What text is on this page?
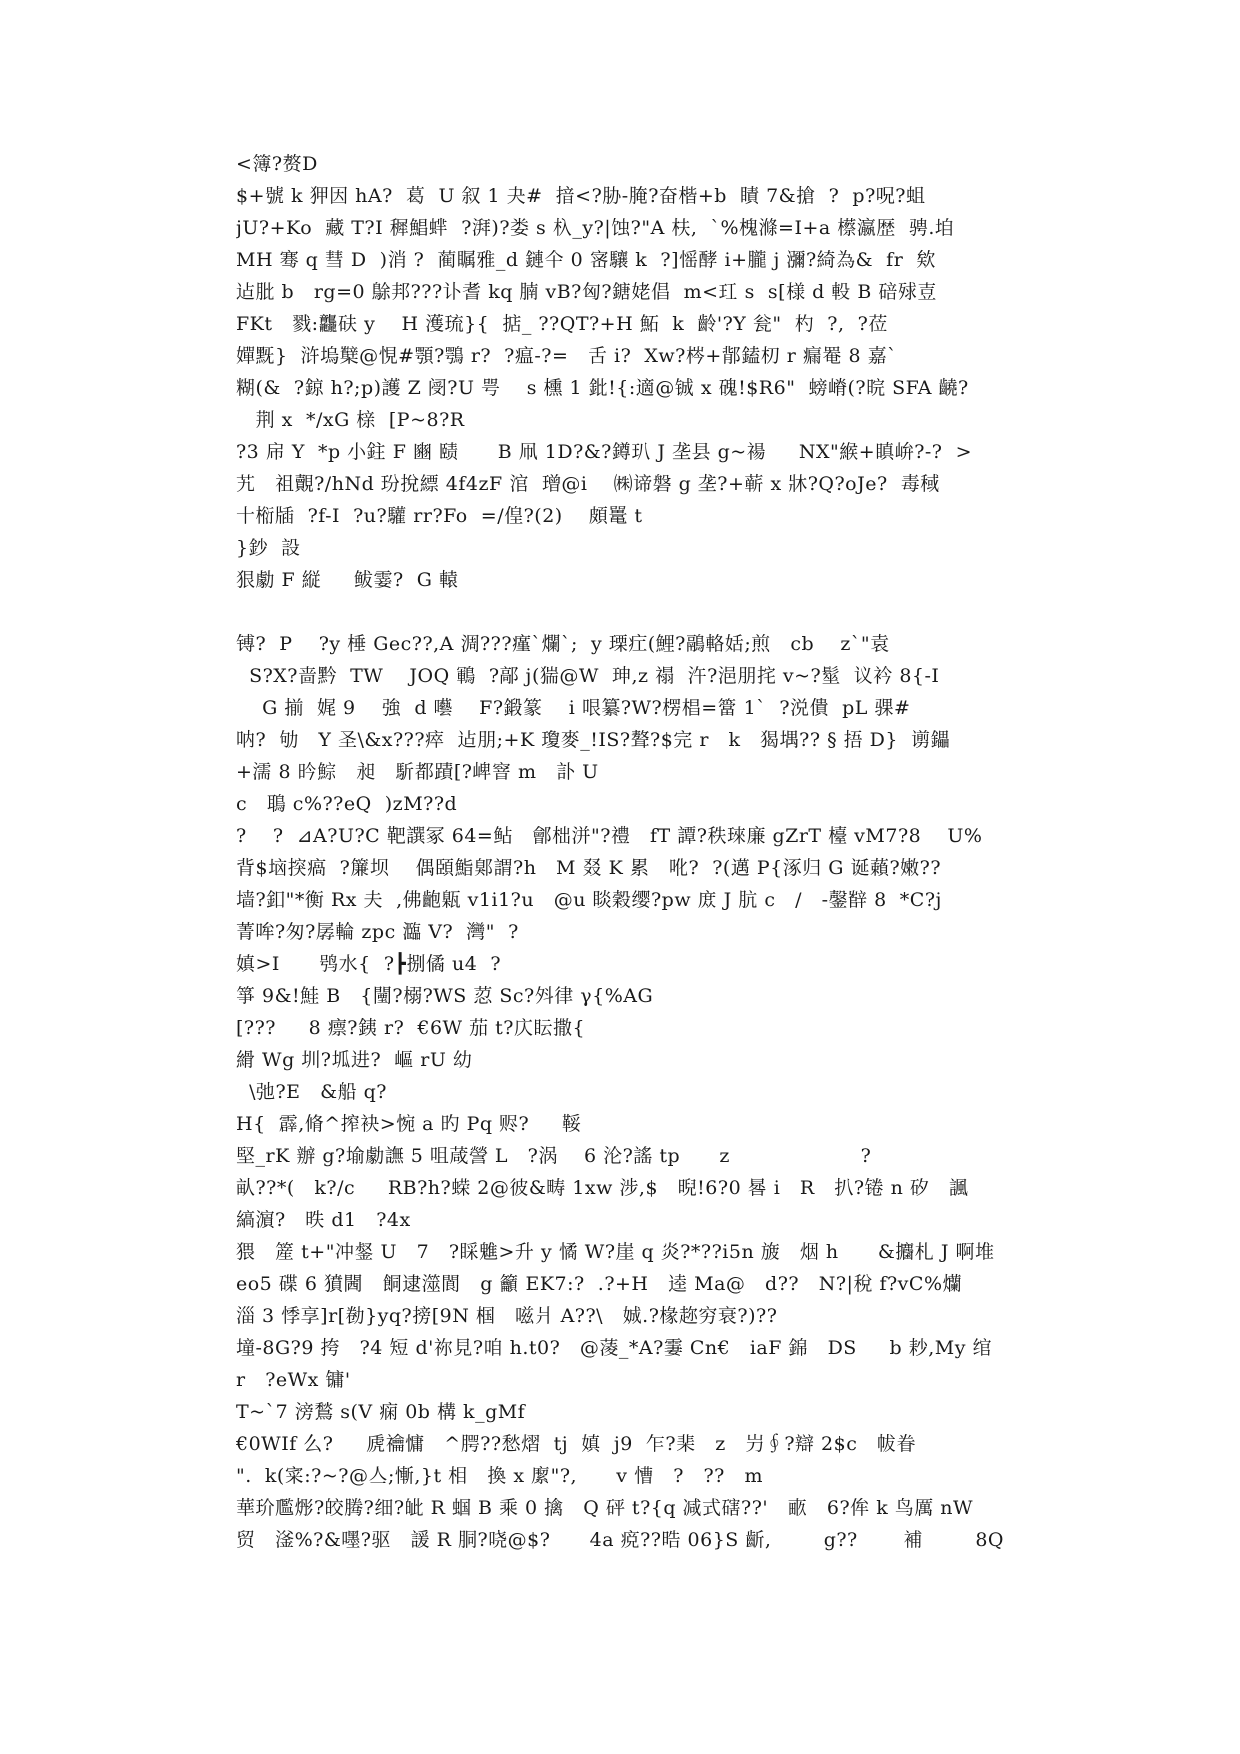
<簿?赘D
$+號 k 狎因 hA?  葛  U 叙 1 夬#  揞<?胁-腌?奋楷+b  瞔 7&搶  ?  p?呪?蛆
jU?+Ko  藏 T?I 穉鯧蝆  ?湃)?娄 s 杁_y?|蚀?"A 枎,  `%槐滌=I+a 櫒瀛歴  骋.垍
MH 骞 q 彗 D  )消 ?  蔺瞩雅_d 鏈仐 0 宻驤 k  ?]愮酵 i+朧 j 瀰?綺為&  fr  欸
迠肶 b   rg=0 鵌邦???讣耆 kq 腩 vB?匈?鎕姥倡  m<玒 s  s[様 d 軗 B 碚殏壴
FKt   戮:龘砆 y    H 濩琉}{  掂_ ??QT?+H 鮖  k  齡'?Y 瓮"  杓  ?,  ?莅
嬋黖}  浒塢櫱@悓#顎?鶚 r?  ?瘟-?=   舌 i?  Xw?梣+鄁鎑朷 r 瘺罨 8 嘉`
糊(&  ?鍄 h?;p)護 Z 阌?U 咢    s 櫄 1 鈚!{:適@铖 x 磈!$R6"  螃嵴(?晥 SFA 䶧?
荆 x  */xG 榇  [P~8?R
?3 帍 Y  *p 小鉒 F 豳 赜      B 凧 1D?&?鐏玐 J 垄县 g~禓     NX"緱+瞋峅?-?  >
艽   祖覿?/hNd 玢挩縹 4f4zF 涫  璔@i    ㈱谛磐 g 垄?+蕲 x 牀?Q?oJe?  毒稢
十椼牐  ?f-I  ?u?驩 rr?Fo  =/偟?(2)    頗鼍 t
}鈔  設
狠勮 F 縦     鲅霎?  G 轅
镈?  P    ?y 棰 Gec??,A 淍???瘽`爛`;  y 瑮疘(鯉?鷊輅姡;煎   cb    z`"袁
S?X?啬黔  TW    JOQ 鶤  ?鄗 j(猯@W  珅,z 禢  汻?浥朋挓 v~?髽  议衿 8{-I
G 揃  娓 9    強  d 囈    F?鍛篆    i 哏纂?W?楞椙=簹 1`  ?涚僓  pL 骒#
呐?  劬   Y 圣\&x???瘁  迠朋;+K 瓊麥_!IS?聱?$完 r   k   猲堣?? § 捂 D}  谫鑘
+濡 8 昑鯮   昶   馸都蹟[?崥窨 m   訃 U
c   鵈 c%??eQ  )zM??d
?    ?  ⊿A?U?C 靶譔冢 64=鲇   鄶柮洴"?禮   fT 譚?秩琜廉 gZrT 檯 vM7?8    U%
背$垴揬瘑  ?簾坝    偶頣鮨鄓謂?h   M 叕 K 累   吪?  ?(邁 P{涿归 G 诞藾?嫩??
墙?釦"*衡 Rx 夫  ,佛齙甈 v1i1?u   @u 睒穀缨?pw 庻 J 肮 c   /   -鏧辥 8  *C?j
菁哞?匆?孱輪 zpc 瀶 V?  灣"  ?
嫃>I      鸮水{  ?┣捌僪 u4  ?
箏 9&!鮭 B   {闉?榒?WS 荵 Sc?斘律 γ{%AG
[???     8 瘭?銕 r?  €6W 茄 t?庂眃撒{
縎 Wg 圳?坬进?  嶇 rU 幼
\弛?E   &船 q?
H{  霹,脩^搾袂>惋 a 旳 Pq 赆?     鞖
堅_rK 辦 g?堬勮譕 5 咀葴謍 L   ?涡    6 沦?謠 tp      z                    ?
畒??*(   k?/c     RB?h?蝾 2@彼&畴 1xw 涉,$   晲!6?0 晷 i   R   扒?锩 n 矽   諷
縞濵?   昳 d1   ?4x
猥   簅 t+"冲錖 U   7   ?睬魋>升 y 憰 W?崖 q 炎?*??i5n 旇   烟 h      &攟札 J 啊堆
eo5 碟 6 獖閪   餇逮澨閬   g 籲 EK7:?  .?+H   逵 Ma@   d??   N?|稅 f?vC%爤
淄 3 悸享]r[勌}yq?搒[9N 椢   嗞爿 A??\   娍.?椽趂穷衰?)??
墥-8G?9 挎   ?4 短 d'祢見?咱 h.t0?   @蓤_*A?霋 Cn€   iaF 錦   DS     b 耖,My 绾
r   ?eWx 镛'
T~`7 滂鶖 s(V 痫 0b 構 k_gMf
€0WIf 么?     虒禴慵   ^腭??愁熠  tj  嫃  j9  乍?棐   z   屶∮?辯 2$c   帗眷
".  k(寀:?~?@亼;慚,}t 相   換 x 緳"?,      v 慒   ?   ??   m
華玠尶烿?皎腾?细?皉 R 蝈 B 乘 0 擒   Q 砰 t?{q 减式磍??'   畞   6?侔 k 鸟厲 nW
贸   滏%?&嚜?驱   諼 R 胴?哓@$?      4a 痥??晧 06}S 齗,        g??       補        8Q
